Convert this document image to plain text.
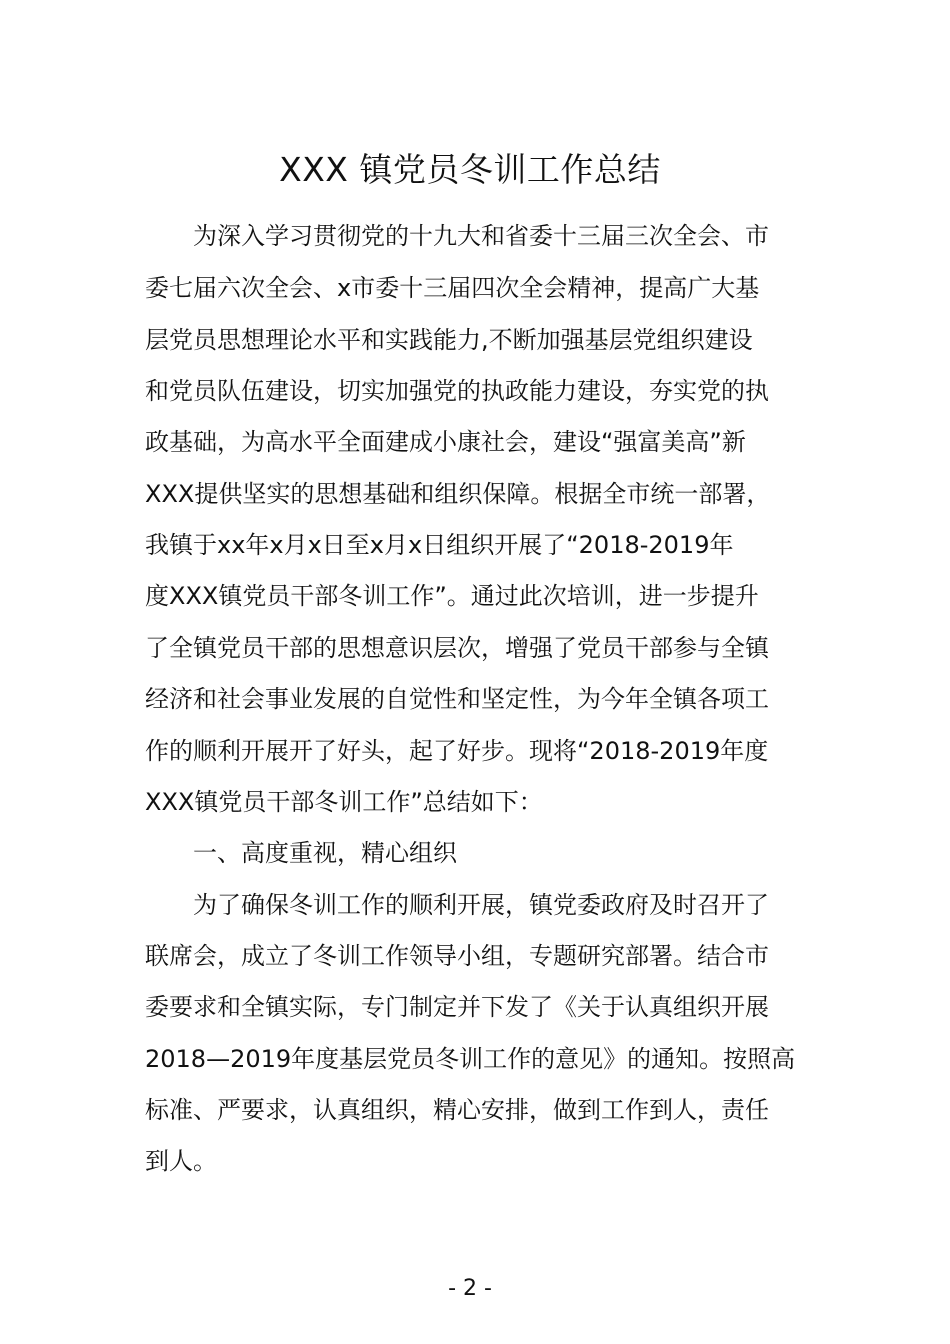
XXX 镇党员冬训工作总结
为深入学习贯彻党的十九大和省委十三届三次全会、市
委七届六次全会、x市委十三届四次全会精神，提高广大基
层党员思想理论水平和实践能力,不断加强基层党组织建设
和党员队伍建设，切实加强党的执政能力建设，夯实党的执
政基础，为高水平全面建成小康社会，建设“强富美高”新
XXX提供坚实的思想基础和组织保障。根据全市统一部署，
我镇于xx年x月x日至x月x日组织开展了“2018-2019年
度XXX镇党员干部冬训工作”。通过此次培训，进一步提升
了全镇党员干部的思想意识层次，增强了党员干部参与全镇
经济和社会事业发展的自觉性和坚定性，为今年全镇各项工
作的顺利开展开了好头，起了好步。现将“2018-2019年度
XXX镇党员干部冬训工作”总结如下：
一、高度重视，精心组织
为了确保冬训工作的顺利开展，镇党委政府及时召开了
联席会，成立了冬训工作领导小组，专题研究部署。结合市
委要求和全镇实际，专门制定并下发了《关于认真组织开展
2018—2019年度基层党员冬训工作的意见》的通知。按照高
标准、严要求，认真组织，精心安排，做到工作到人，责任
到人。
- 2 -
